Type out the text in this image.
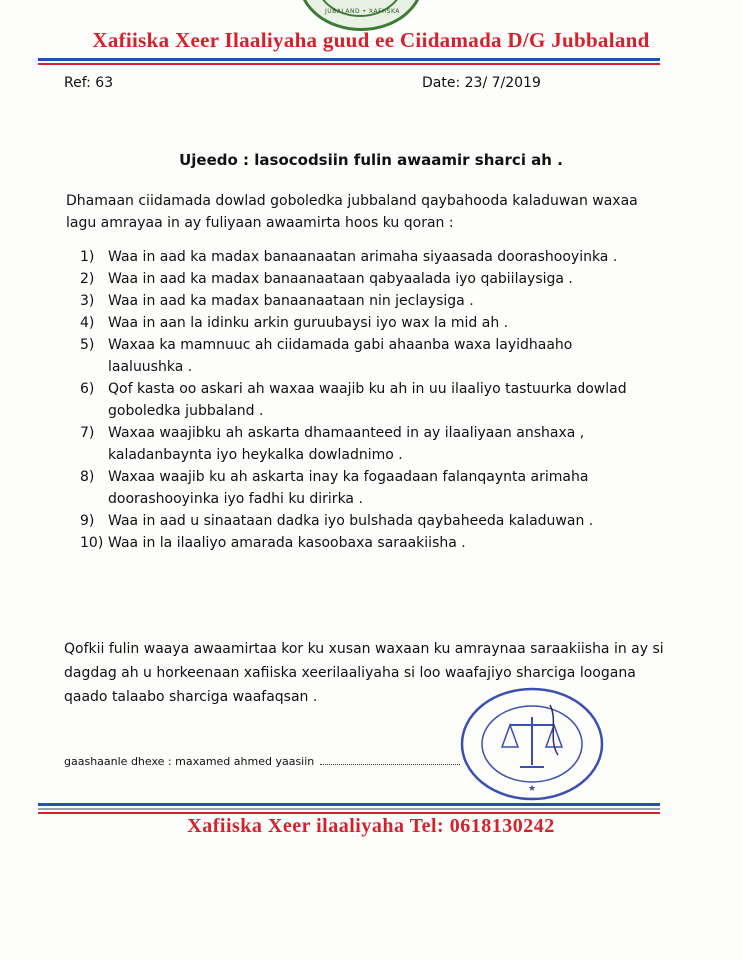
JUBALAND • XAFIISKA
Xafiiska Xeer Ilaaliyaha guud ee Ciidamada D/G Jubbaland
Ref: 63	Date: 23/ 7/2019
Ujeedo : lasocodsiin fulin awaamir sharci ah .
Dhamaan ciidamada dowlad goboledka jubbaland qaybahooda kaladuwan waxaa lagu amrayaa in ay fuliyaan awaamirta hoos ku qoran :
1) Waa in aad ka madax banaanaatan arimaha siyaasada doorashooyinka .
2) Waa in aad ka madax banaanaataan qabyaalada iyo qabiilaysiga .
3) Waa in aad ka madax banaanaataan nin jeclaysiga .
4) Waa in aan la idinku arkin guruubaysi iyo wax la mid ah .
5) Waxaa ka mamnuuc ah ciidamada gabi ahaanba waxa layidhaaho laaluushka .
6) Qof kasta oo askari ah waxaa waajib ku ah in uu ilaaliyo tastuurka dowlad goboledka jubbaland .
7) Waxaa waajibku ah askarta dhamaanteed in ay ilaaliyaan anshaxa , kaladanbaynta iyo heykalka dowladnimo .
8) Waxaa waajib ku ah askarta inay ka fogaadaan falanqaynta arimaha doorashooyinka iyo fadhi ku dirirka .
9) Waa in aad u sinaataan dadka iyo bulshada qaybaheeda kaladuwan .
10) Waa in la ilaaliyo amarada kasoobaxa saraakiisha .
Qofkii fulin waaya awaamirtaa kor ku xusan waxaan ku amraynaa saraakiisha in ay si dagdag ah u horkeenaan xafiiska xeerilaaliyaha si loo waafajiyo sharciga loogana qaado talaabo sharciga waafaqsan .
gaashaanle dhexe : maxamed ahmed yaasiin
★
Xafiiska Xeer ilaaliyaha Tel: 0618130242
